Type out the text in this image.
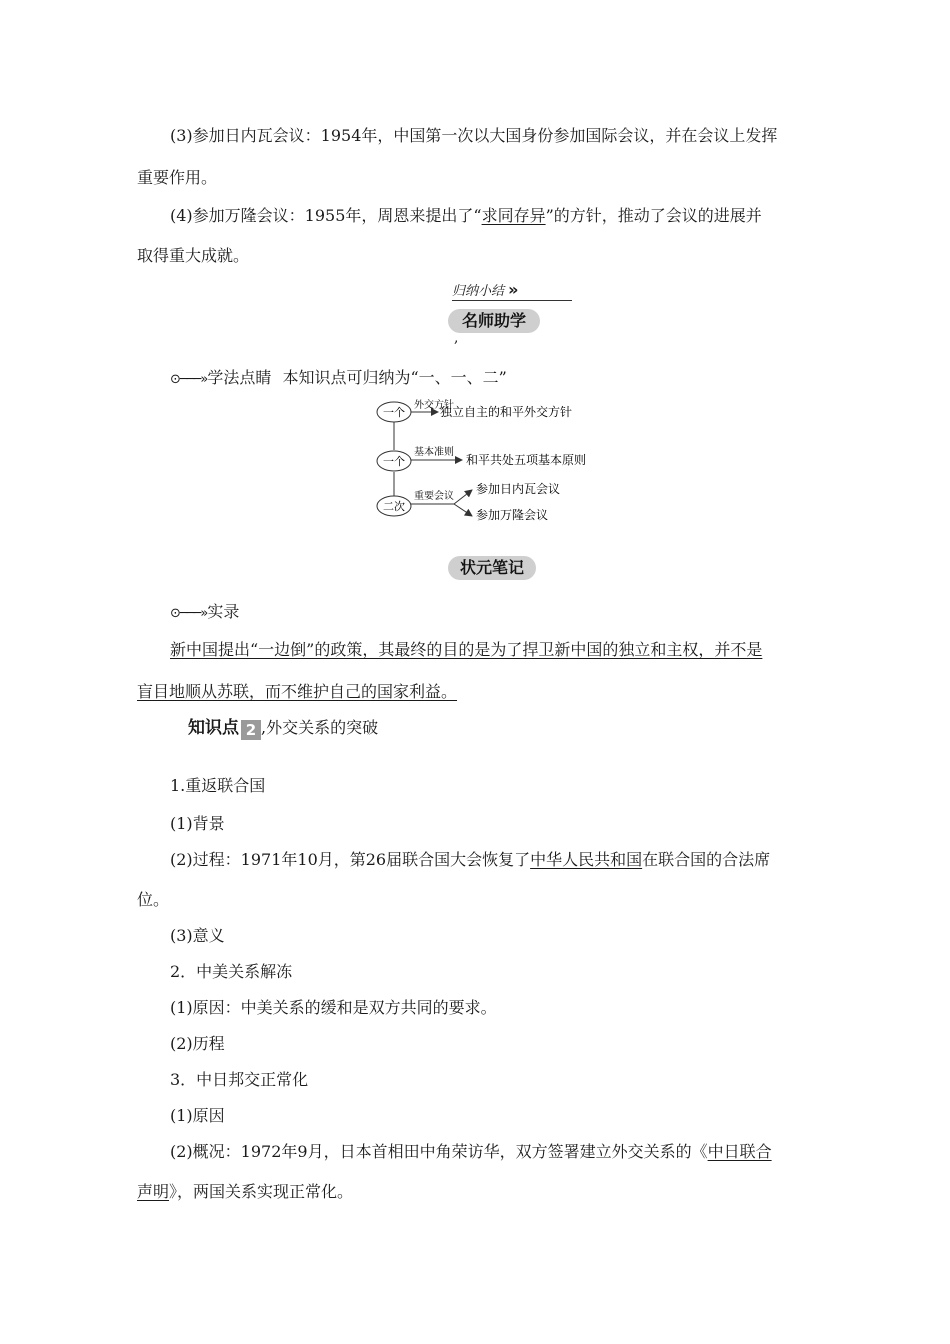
(3)参加日内瓦会议：1954年，中国第一次以大国身份参加国际会议，并在会议上发挥
重要作用。
(4)参加万隆会议：1955年，周恩来提出了“求同存异”的方针，推动了会议的进展并
取得重大成就。
归纳小结 »
名师助学
,
⊙───»学法点睛 本知识点可归纳为“一、一、二”
一个
一个
二次
外交方针
独立自主的和平外交方针
基本准则
和平共处五项基本原则
重要会议
参加日内瓦会议
参加万隆会议
状元笔记
⊙───»实录
新中国提出“一边倒”的政策，其最终的目的是为了捍卫新中国的独立和主权，并不是
盲目地顺从苏联，而不维护自己的国家利益。
知识点 2 ,外交关系的突破
1.重返联合国
(1)背景
(2)过程：1971年10月，第26届联合国大会恢复了中华人民共和国在联合国的合法席
位。
(3)意义
2．中美关系解冻
(1)原因：中美关系的缓和是双方共同的要求。
(2)历程
3．中日邦交正常化
(1)原因
(2)概况：1972年9月，日本首相田中角荣访华，双方签署建立外交关系的《中日联合
声明》，两国关系实现正常化。
